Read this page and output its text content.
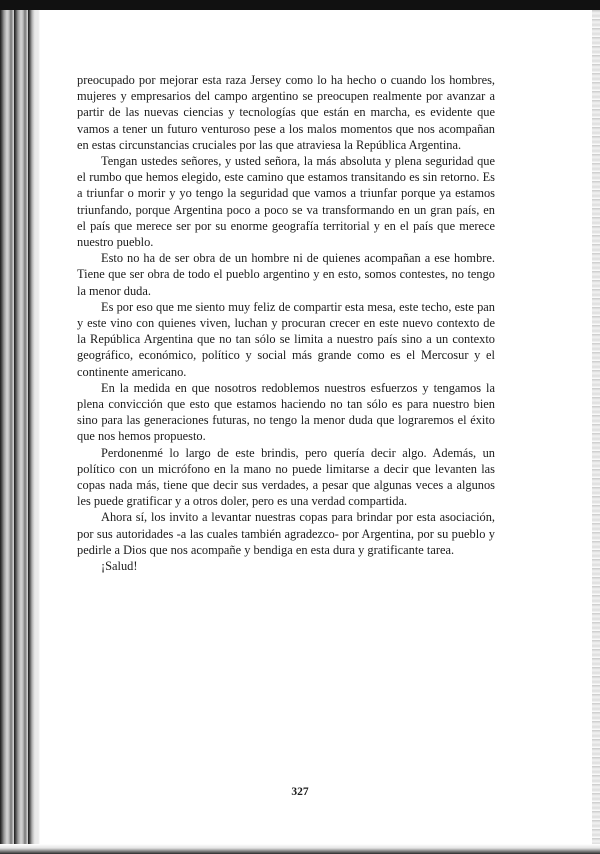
preocupado por mejorar esta raza Jersey como lo ha hecho o cuando los hombres, mujeres y empresarios del campo argentino se preocupen realmente por avanzar a partir de las nuevas ciencias y tecnologías que están en marcha, es evidente que vamos a tener un futuro venturoso pese a los malos momentos que nos acompañan en estas circunstancias cruciales por las que atraviesa la República Argentina.

Tengan ustedes señores, y usted señora, la más absoluta y plena seguridad que el rumbo que hemos elegido, este camino que estamos transitando es sin retorno. Es a triunfar o morir y yo tengo la seguridad que vamos a triunfar porque ya estamos triunfando, porque Argentina poco a poco se va transformando en un gran país, en el país que merece ser por su enorme geografía territorial y en el país que merece nuestro pueblo.

Esto no ha de ser obra de un hombre ni de quienes acompañan a ese hombre. Tiene que ser obra de todo el pueblo argentino y en esto, somos contestes, no tengo la menor duda.

Es por eso que me siento muy feliz de compartir esta mesa, este techo, este pan y este vino con quienes viven, luchan y procuran crecer en este nuevo contexto de la República Argentina que no tan sólo se limita a nuestro país sino a un contexto geográfico, económico, político y social más grande como es el Mercosur y el continente americano.

En la medida en que nosotros redoblemos nuestros esfuerzos y tengamos la plena convicción que esto que estamos haciendo no tan sólo es para nuestro bien sino para las generaciones futuras, no tengo la menor duda que lograremos el éxito que nos hemos propuesto.

Perdonenmé lo largo de este brindis, pero quería decir algo. Además, un político con un micrófono en la mano no puede limitarse a decir que levanten las copas nada más, tiene que decir sus verdades, a pesar que algunas veces a algunos les puede gratificar y a otros doler, pero es una verdad compartida.

Ahora sí, los invito a levantar nuestras copas para brindar por esta asociación, por sus autoridades -a las cuales también agradezco- por Argentina, por su pueblo y pedirle a Dios que nos acompañe y bendiga en esta dura y gratificante tarea.

¡Salud!

327
